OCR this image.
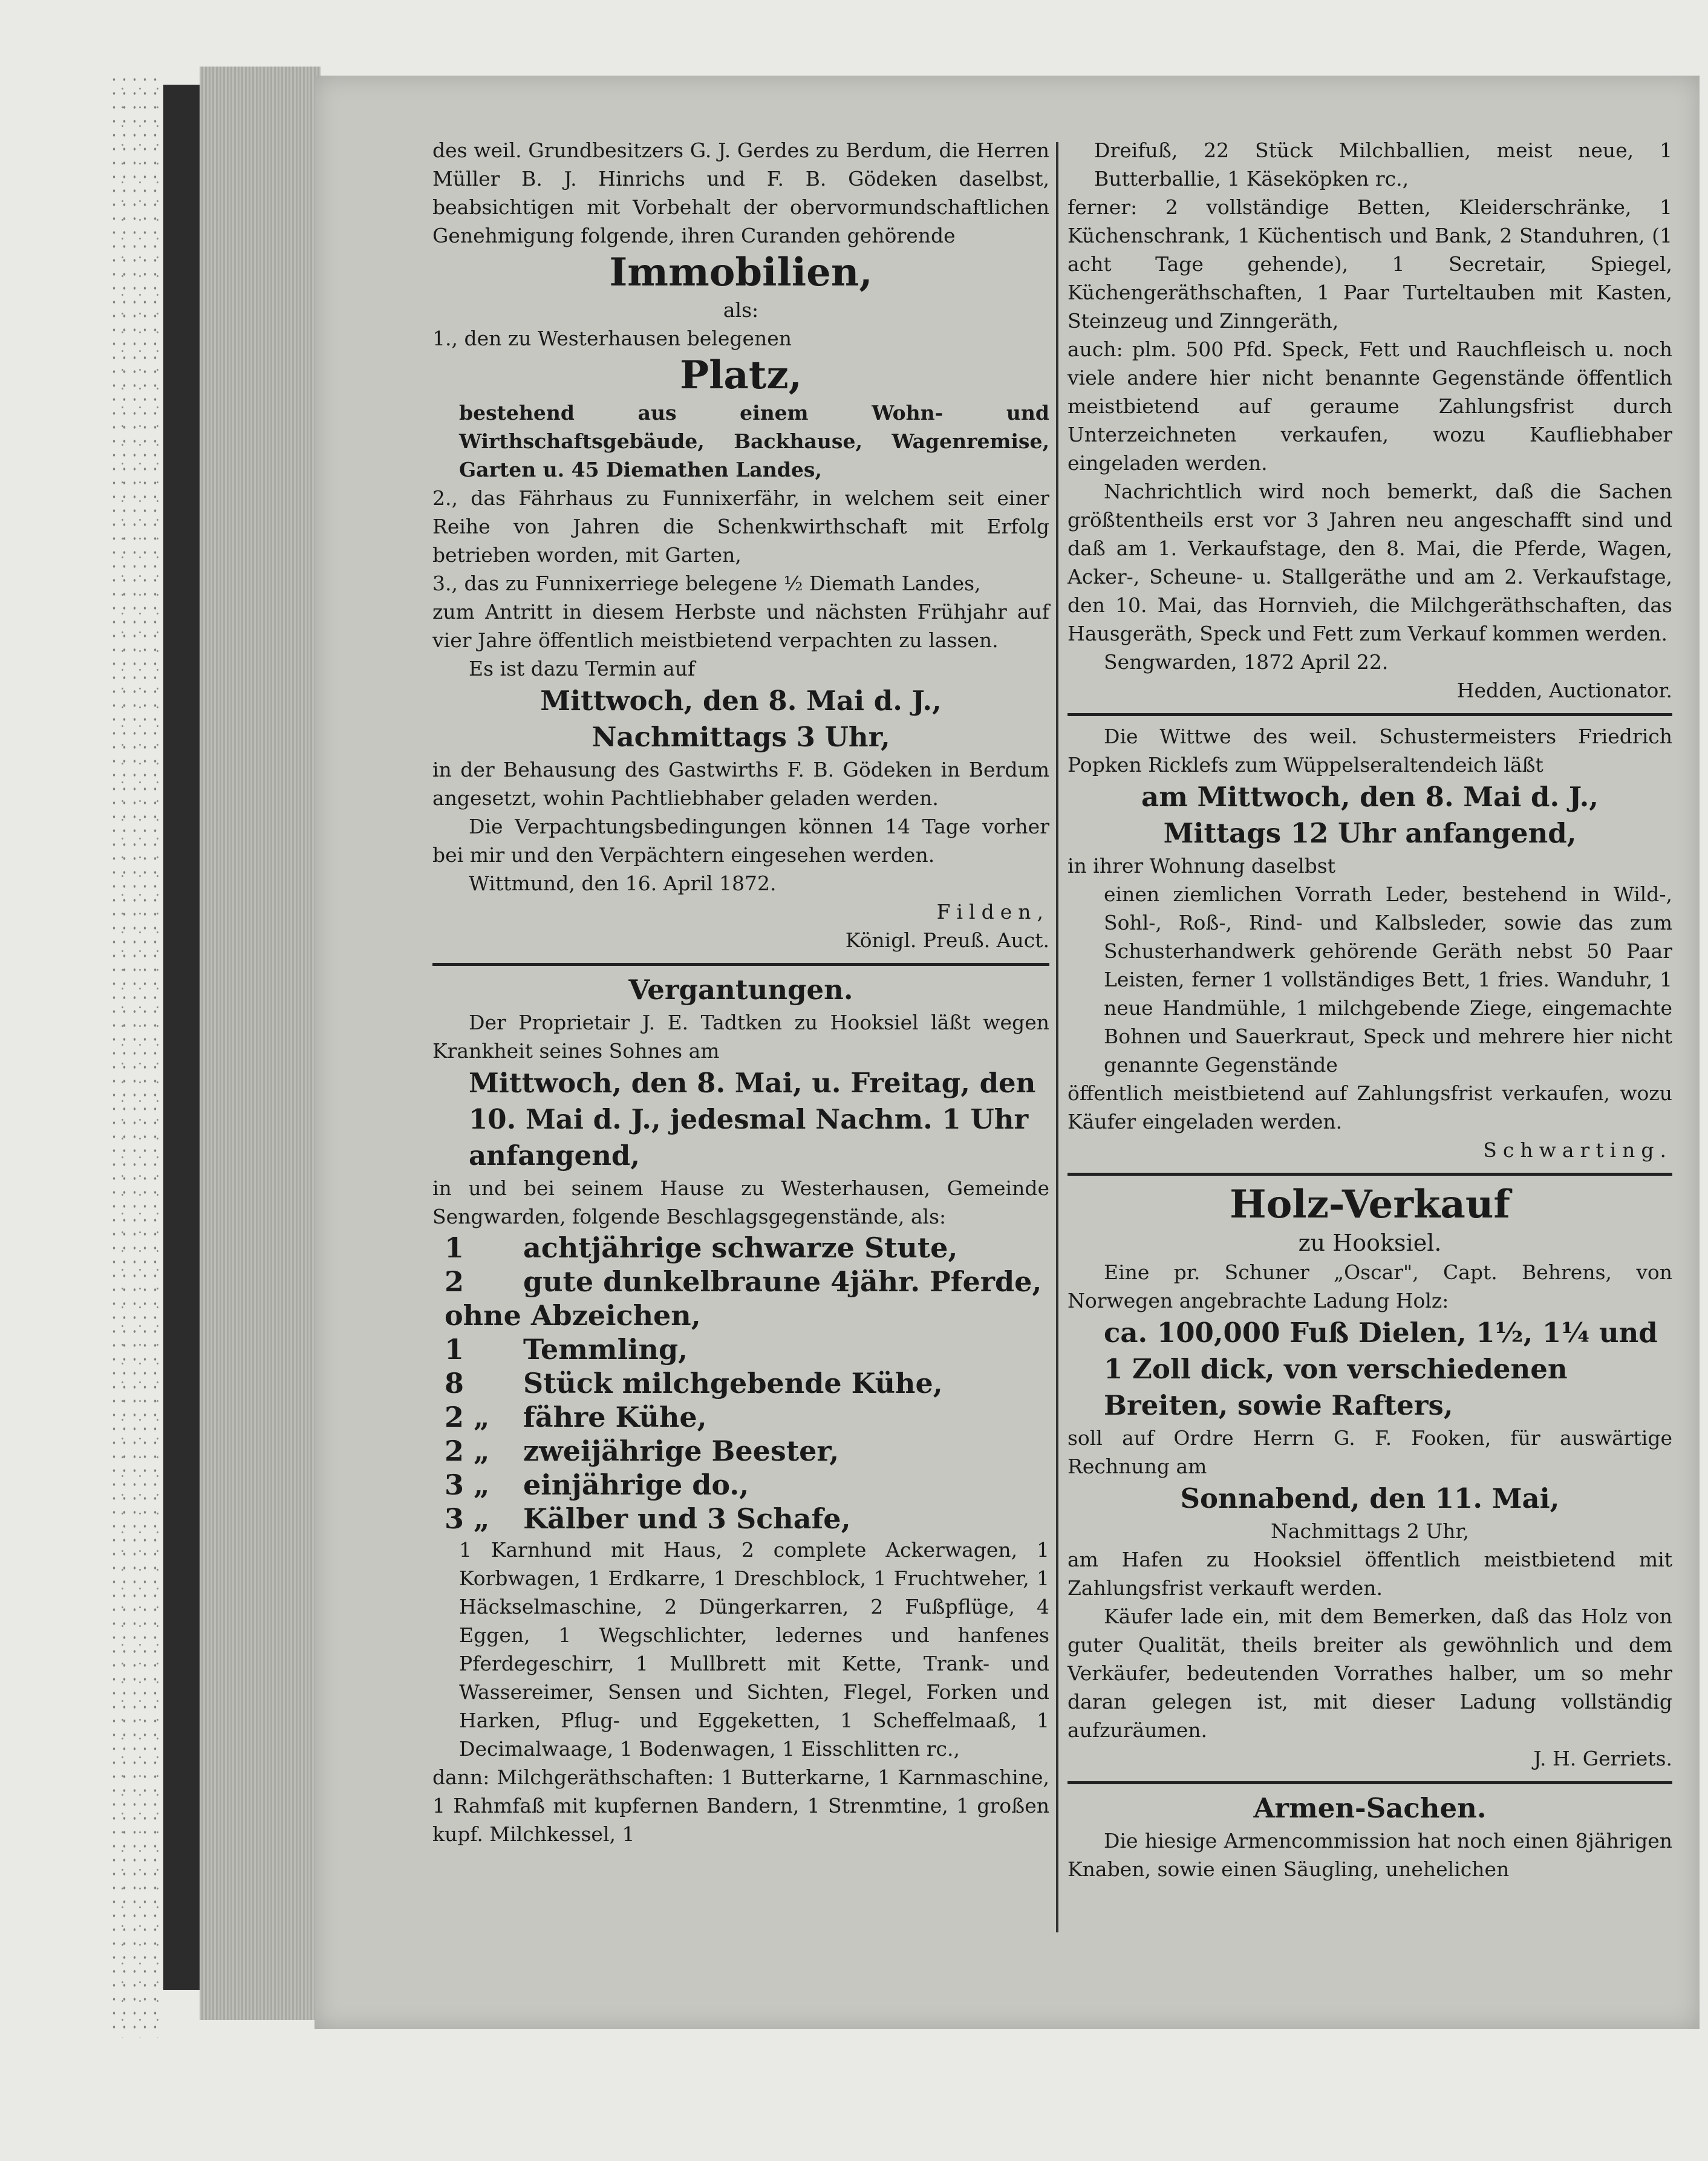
des weil. Grundbesitzers G. J. Gerdes zu Berdum, die Herren Müller B. J. Hinrichs und F. B. Gödeken daselbst, beabsichtigen mit Vorbehalt der obervormundschaftlichen Genehmigung folgende, ihren Curanden gehörende

Immobilien,

als:

1., den zu Westerhausen belegenen

Platz,

bestehend aus einem Wohn- und Wirthschaftsgebäude, Backhause, Wagenremise, Garten u. 45 Diemathen Landes,

2., das Fährhaus zu Funnixerfähr, in welchem seit einer Reihe von Jahren die Schenkwirthschaft mit Erfolg betrieben worden, mit Garten,

3., das zu Funnixerriege belegene ½ Diemath Landes,

zum Antritt in diesem Herbste und nächsten Frühjahr auf vier Jahre öffentlich meistbietend verpachten zu lassen.

Es ist dazu Termin auf

Mittwoch, den 8. Mai d. J.,

Nachmittags 3 Uhr,

in der Behausung des Gastwirths F. B. Gödeken in Berdum angesetzt, wohin Pachtliebhaber geladen werden.

Die Verpachtungsbedingungen können 14 Tage vorher bei mir und den Verpächtern eingesehen werden.

Wittmund, den 16. April 1872.

Filden,

Königl. Preuß. Auct.

Vergantungen.

Der Proprietair J. E. Tadtken zu Hooksiel läßt wegen Krankheit seines Sohnes am

Mittwoch, den 8. Mai, u. Freitag, den 10. Mai d. J., jedesmal Nachm. 1 Uhr anfangend,

in und bei seinem Hause zu Westerhausen, Gemeinde Sengwarden, folgende Beschlagsgegenstände, als:

1 achtjährige schwarze Stute,

2 gute dunkelbraune 4jähr. Pferde, ohne Abzeichen,

1 Temmling,

8 Stück milchgebende Kühe,

2 „ fähre Kühe,

2 „ zweijährige Beester,

3 „ einjährige do.,

3 „ Kälber und 3 Schafe,

1 Karnhund mit Haus, 2 complete Ackerwagen, 1 Korbwagen, 1 Erdkarre, 1 Dreschblock, 1 Fruchtweher, 1 Häckselmaschine, 2 Düngerkarren, 2 Fußpflüge, 4 Eggen, 1 Wegschlichter, ledernes und hanfenes Pferdegeschirr, 1 Mullbrett mit Kette, Trank- und Wassereimer, Sensen und Sichten, Flegel, Forken und Harken, Pflug- und Eggeketten, 1 Scheffelmaaß, 1 Decimalwaage, 1 Bodenwagen, 1 Eisschlitten rc.,

dann: Milchgeräthschaften: 1 Butterkarne, 1 Karnmaschine, 1 Rahmfaß mit kupfernen Bandern, 1 Strenmtine, 1 großen kupf. Milchkessel, 1

Dreifuß, 22 Stück Milchballien, meist neue, 1 Butterballie, 1 Käseköpken rc.,

ferner: 2 vollständige Betten, Kleiderschränke, 1 Küchenschrank, 1 Küchentisch und Bank, 2 Standuhren, (1 acht Tage gehende), 1 Secretair, Spiegel, Küchengeräthschaften, 1 Paar Turteltauben mit Kasten, Steinzeug und Zinngeräth,

auch: plm. 500 Pfd. Speck, Fett und Rauchfleisch u. noch viele andere hier nicht benannte Gegenstände öffentlich meistbietend auf geraume Zahlungsfrist durch Unterzeichneten verkaufen, wozu Kaufliebhaber eingeladen werden.

Nachrichtlich wird noch bemerkt, daß die Sachen größtentheils erst vor 3 Jahren neu angeschafft sind und daß am 1. Verkaufstage, den 8. Mai, die Pferde, Wagen, Acker-, Scheune- u. Stallgeräthe und am 2. Verkaufstage, den 10. Mai, das Hornvieh, die Milchgeräthschaften, das Hausgeräth, Speck und Fett zum Verkauf kommen werden.

Sengwarden, 1872 April 22.

Hedden, Auctionator.

Die Wittwe des weil. Schustermeisters Friedrich Popken Ricklefs zum Wüppelseraltendeich läßt

am Mittwoch, den 8. Mai d. J.,

Mittags 12 Uhr anfangend,

in ihrer Wohnung daselbst

einen ziemlichen Vorrath Leder, bestehend in Wild-, Sohl-, Roß-, Rind- und Kalbsleder, sowie das zum Schusterhandwerk gehörende Geräth nebst 50 Paar Leisten, ferner 1 vollständiges Bett, 1 fries. Wanduhr, 1 neue Handmühle, 1 milchgebende Ziege, eingemachte Bohnen und Sauerkraut, Speck und mehrere hier nicht genannte Gegenstände

öffentlich meistbietend auf Zahlungsfrist verkaufen, wozu Käufer eingeladen werden.

Schwarting.

Holz-Verkauf

zu Hooksiel.

Eine pr. Schuner „Oscar", Capt. Behrens, von Norwegen angebrachte Ladung Holz:

ca. 100,000 Fuß Dielen, 1½, 1¼ und 1 Zoll dick, von verschiedenen Breiten, sowie Rafters,

soll auf Ordre Herrn G. F. Fooken, für auswärtige Rechnung am

Sonnabend, den 11. Mai,

Nachmittags 2 Uhr,

am Hafen zu Hooksiel öffentlich meistbietend mit Zahlungsfrist verkauft werden.

Käufer lade ein, mit dem Bemerken, daß das Holz von guter Qualität, theils breiter als gewöhnlich und dem Verkäufer, bedeutenden Vorrathes halber, um so mehr daran gelegen ist, mit dieser Ladung vollständig aufzuräumen.

J. H. Gerriets.

Armen-Sachen.

Die hiesige Armencommission hat noch einen 8jährigen Knaben, sowie einen Säugling, unehelichen
